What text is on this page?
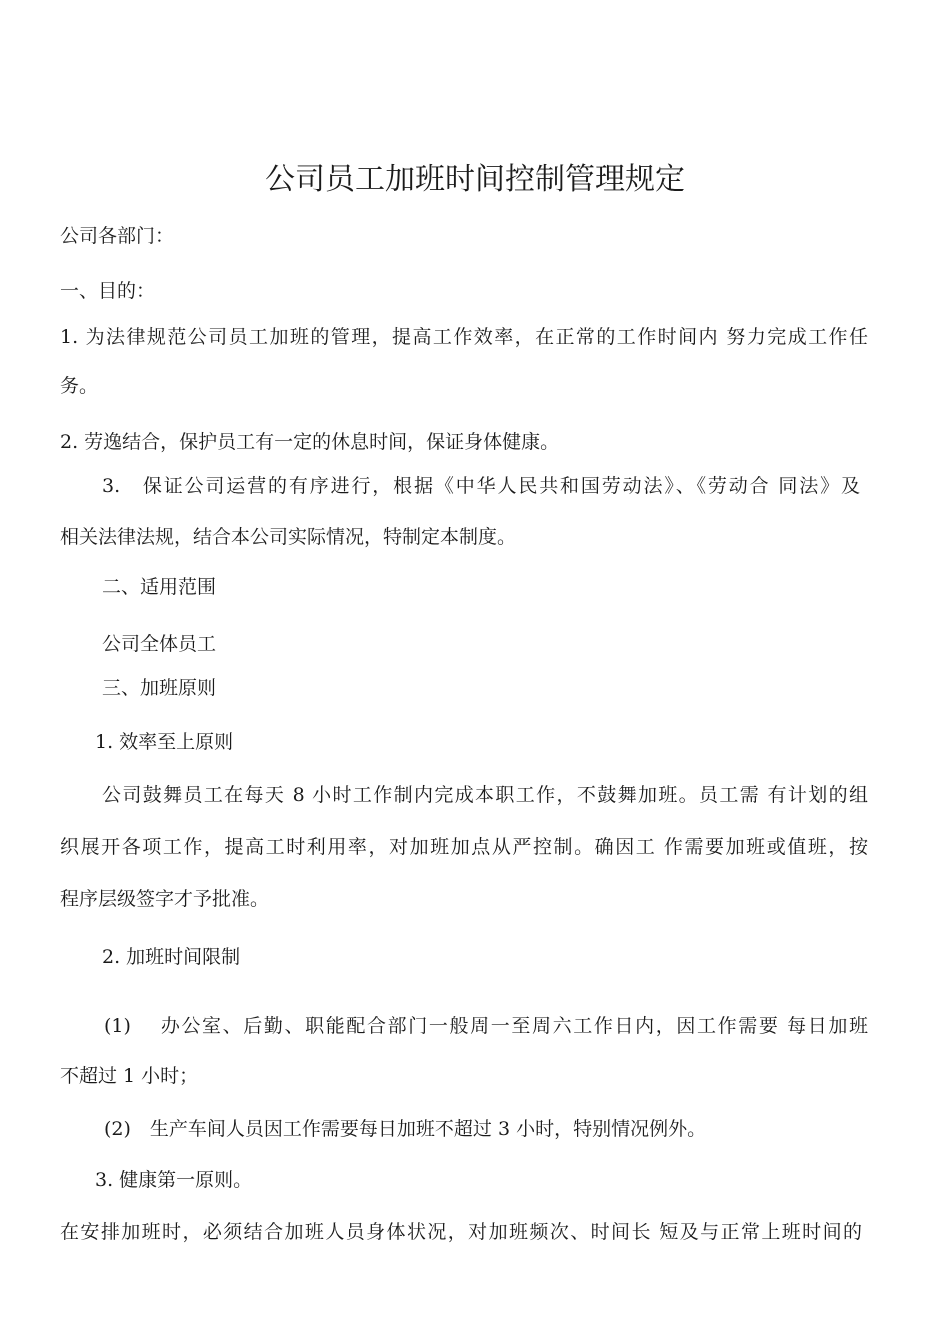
公司员工加班时间控制管理规定
公司各部门：
一、目的：
1. 为法律规范公司员工加班的管理，提高工作效率，在正常的工作时间内 努力完成工作任
务。
2. 劳逸结合，保护员工有一定的休息时间，保证身体健康。
3.　保证公司运营的有序进行，根据《中华人民共和国劳动法》、《劳动合 同法》及
相关法律法规，结合本公司实际情况，特制定本制度。
二、适用范围
公司全体员工
三、加班原则
1. 效率至上原则
公司鼓舞员工在每天 8 小时工作制内完成本职工作，不鼓舞加班。员工需 有计划的组
织展开各项工作，提高工时利用率，对加班加点从严控制。确因工 作需要加班或值班，按
程序层级签字才予批准。
2. 加班时间限制
(1)　 办公室、后勤、职能配合部门一般周一至周六工作日内，因工作需要 每日加班
不超过 1 小时；
(2)　生产车间人员因工作需要每日加班不超过 3 小时，特别情况例外。
3. 健康第一原则。
在安排加班时，必须结合加班人员身体状况，对加班频次、时间长 短及与正常上班时间的
